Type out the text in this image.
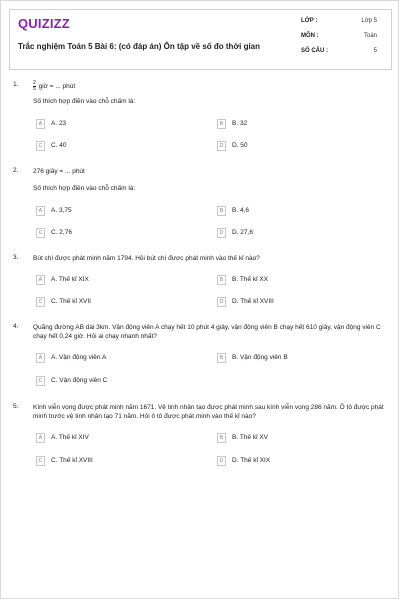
QUIZIZZ
Trắc nghiệm Toán 5 Bài 6: (có đáp án) Ôn tập về số đo thời gian
LỚP :	Lớp 5
MÔN :	Toán
SỐ CÂU :	5
1.	$\frac{2}{5}$ giờ = ... phút
Số thích hợp điền vào chỗ chấm là:
A	A. 23	B	B. 32
C	C. 40	D	D. 50
2. 276 giây = ... phút
Số thích hợp điền vào chỗ chấm là:
A	A. 3,75	B	B. 4,6
C	C. 2,76	D	D. 27,6
3. Bút chì được phát minh năm 1794. Hỏi bút chì được phát minh vào thế kỉ nào?
A	A. Thế kỉ XIX	B	B. Thế kỉ XX
C	C. Thế kỉ XVII	D	D. Thế kỉ XVIII
4. Quãng đường AB dài 3km. Vận động viên A chạy hết 10 phút 4 giây, vận động viên B chạy hết 610 giây, vận động viên C chạy hết 0,24 giờ. Hỏi ai chạy nhanh nhất?
A	A. Vận động viên A	B	B. Vận động viên B
C	C. Vận động viên C
5. Kính viễn vọng được phát minh năm 1671. Vệ tinh nhân tạo được phát minh sau kính viễn vọng 286 năm. Ô tô được phát minh trước vệ tinh nhân tạo 71 năm. Hỏi ô tô được phát minh vào thế kỉ nào?
A	A. Thế kỉ XIV	B	B. Thế kỉ XV
C	C. Thế kỉ XVIII	D	D. Thế kỉ XIX
